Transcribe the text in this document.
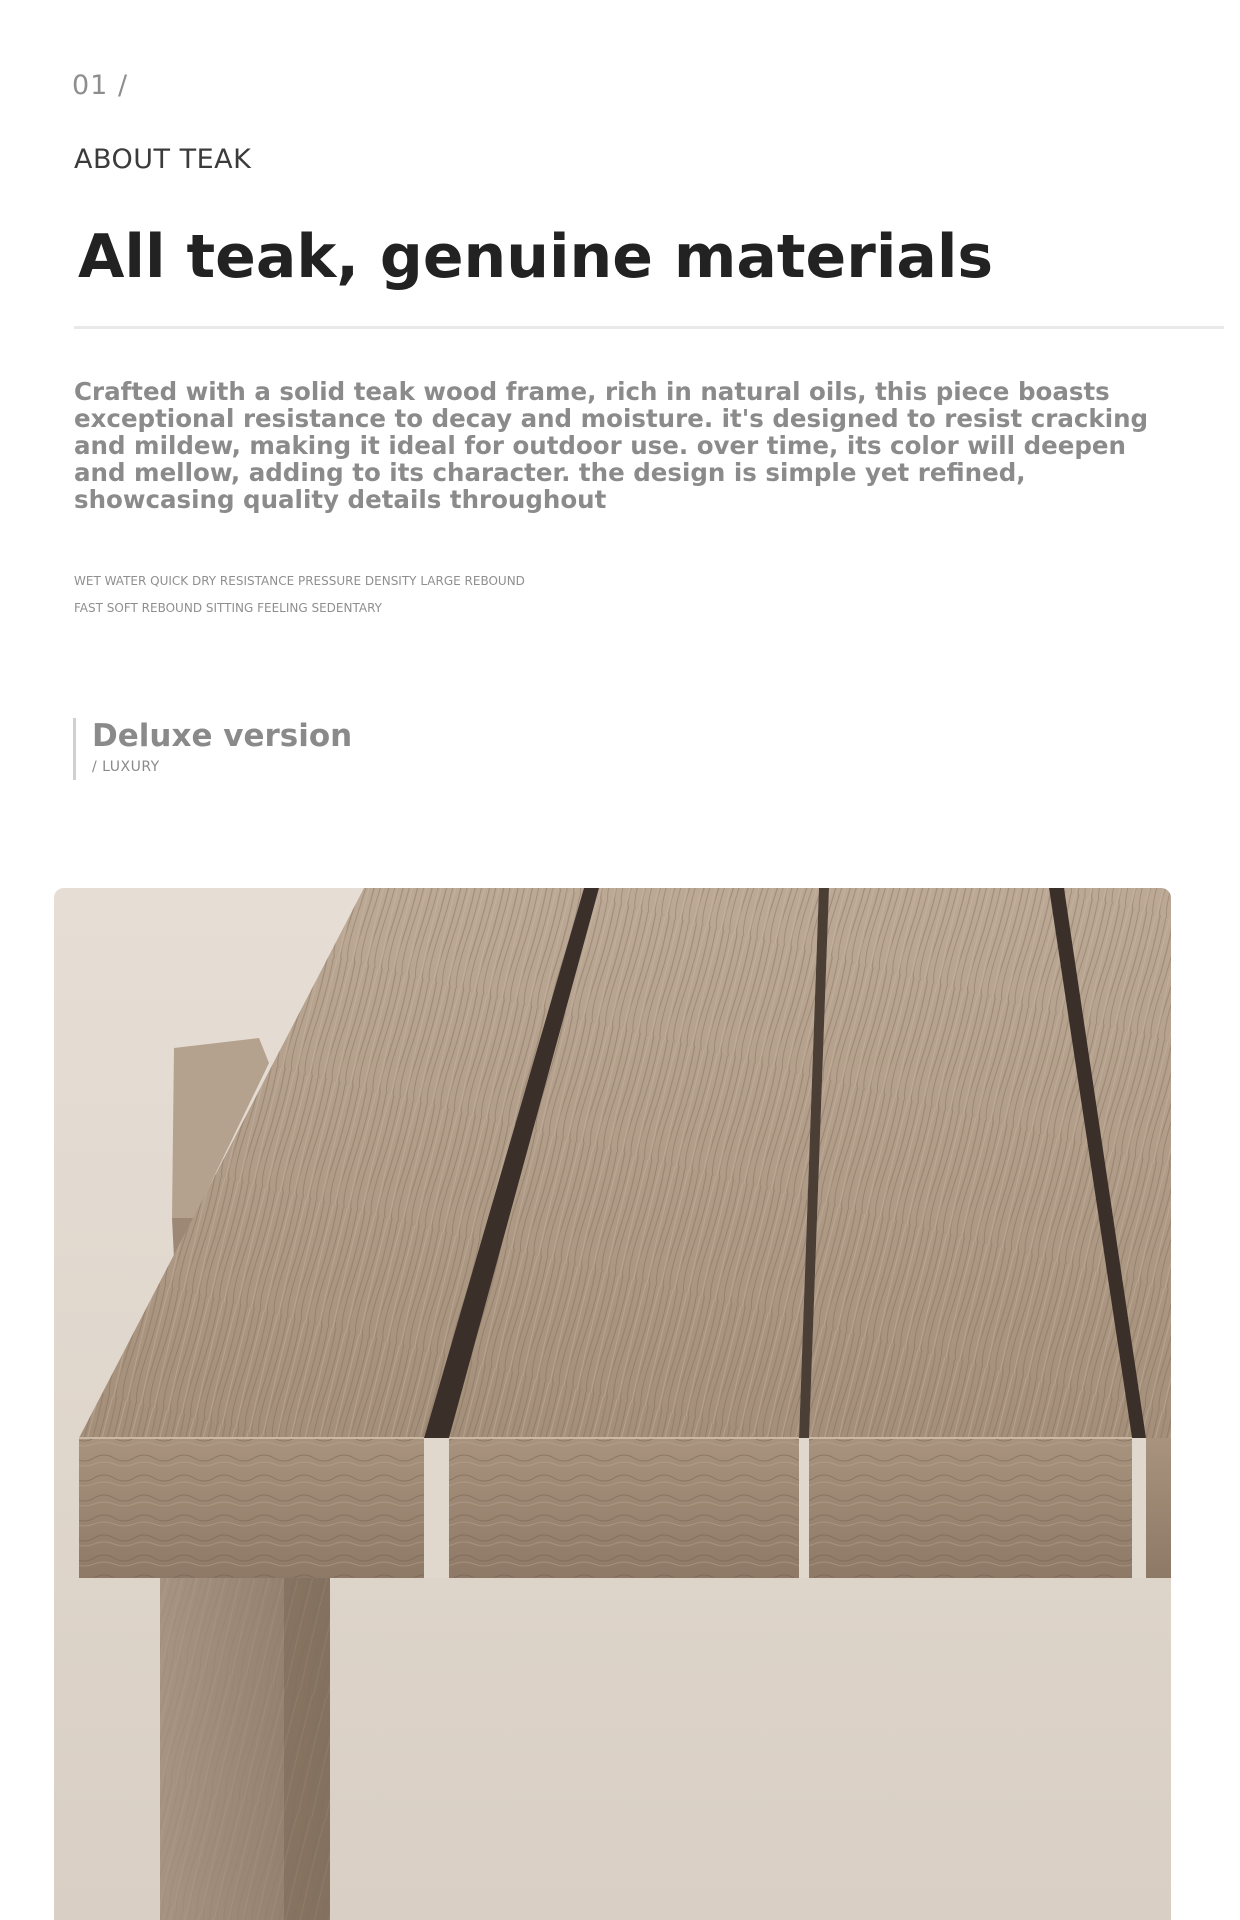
01 /
ABOUT TEAK
All teak, genuine materials

Crafted with a solid teak wood frame, rich in natural oils, this piece boasts exceptional resistance to decay and moisture. it's designed to resist cracking and mildew, making it ideal for outdoor use. over time, its color will deepen and mellow, adding to its character. the design is simple yet refined, showcasing quality details throughout

WET WATER QUICK DRY RESISTANCE PRESSURE DENSITY LARGE REBOUND
FAST SOFT REBOUND SITTING FEELING SEDENTARY
Deluxe version
/ LUXURY
